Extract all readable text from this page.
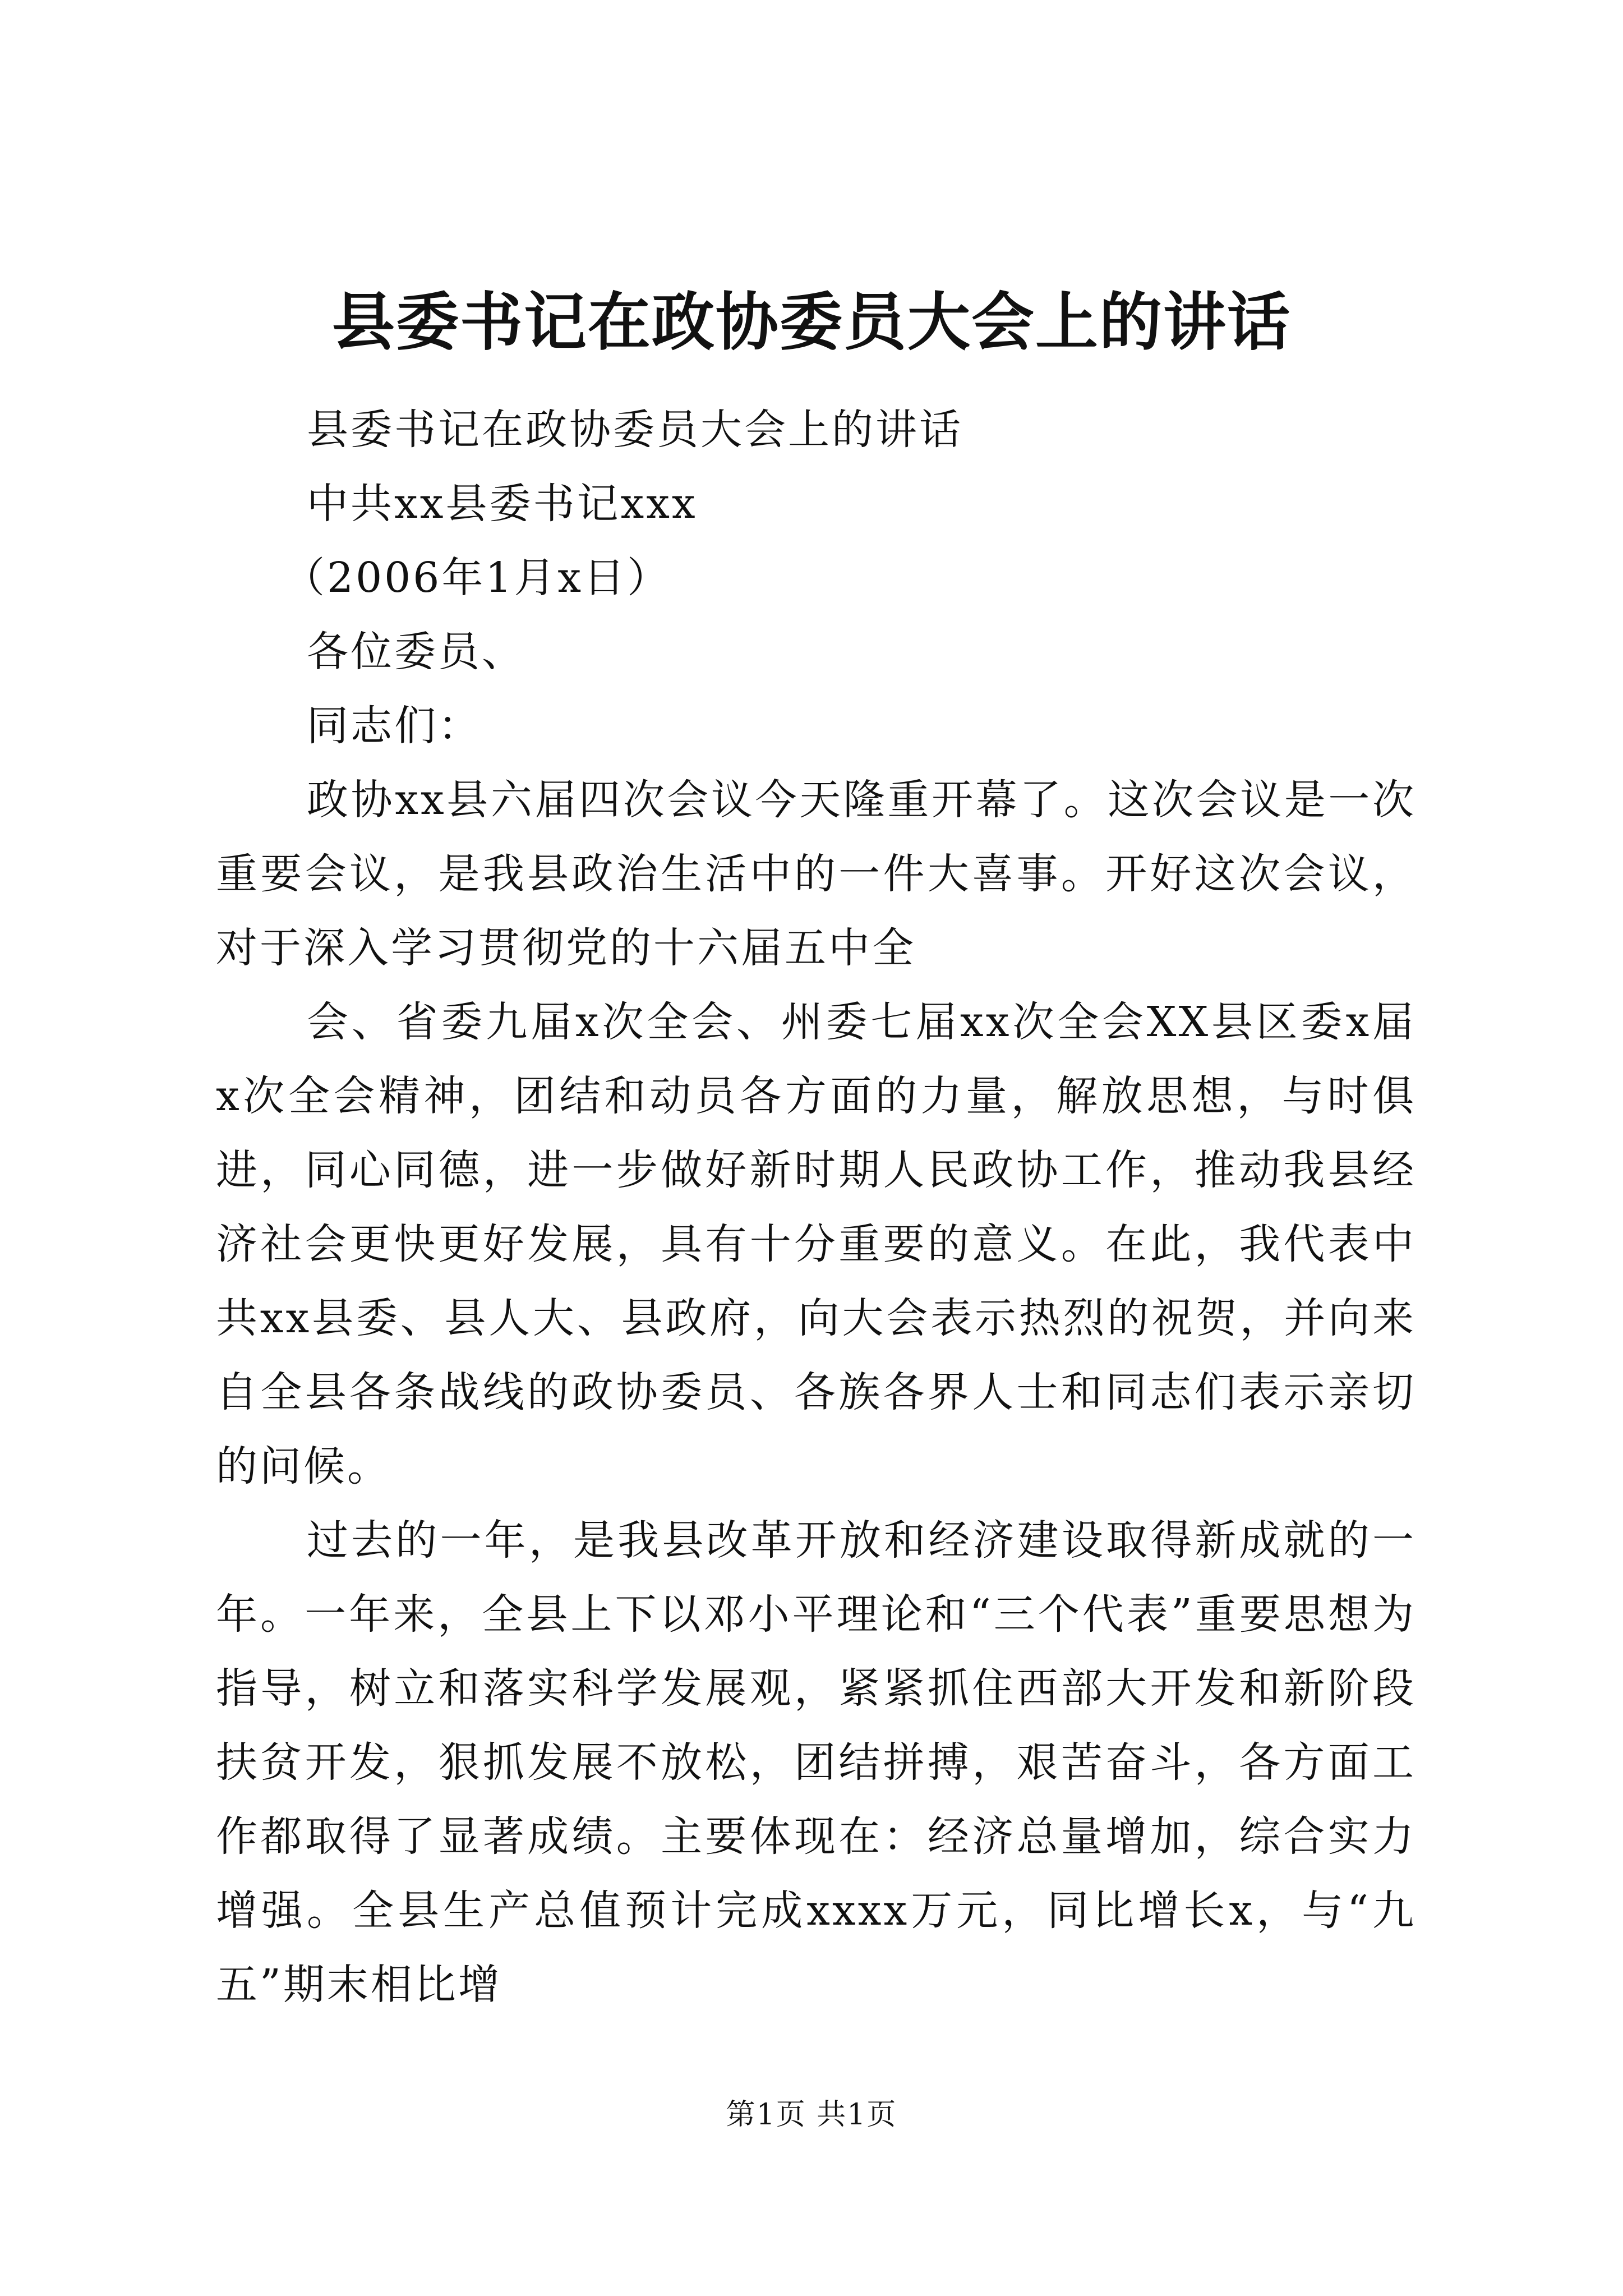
县委书记在政协委员大会上的讲话

县委书记在政协委员大会上的讲话

中共xx县委书记xxx

（2006年1月x日）

各位委员、

同志们：

政协xx县六届四次会议今天隆重开幕了。这次会议是一次重要会议，是我县政治生活中的一件大喜事。开好这次会议，对于深入学习贯彻党的十六届五中全

会、省委九届x次全会、州委七届xx次全会XX县区委x届x次全会精神，团结和动员各方面的力量，解放思想，与时俱进，同心同德，进一步做好新时期人民政协工作，推动我县经济社会更快更好发展，具有十分重要的意义。在此，我代表中共xx县委、县人大、县政府，向大会表示热烈的祝贺，并向来自全县各条战线的政协委员、各族各界人士和同志们表示亲切的问候。

过去的一年，是我县改革开放和经济建设取得新成就的一年。一年来，全县上下以邓小平理论和“三个代表”重要思想为指导，树立和落实科学发展观，紧紧抓住西部大开发和新阶段扶贫开发，狠抓发展不放松，团结拼搏，艰苦奋斗，各方面工作都取得了显著成绩。主要体现在：经济总量增加，综合实力增强。全县生产总值预计完成xxxx万元，同比增长x，与“九五”期末相比增

第1页 共1页
